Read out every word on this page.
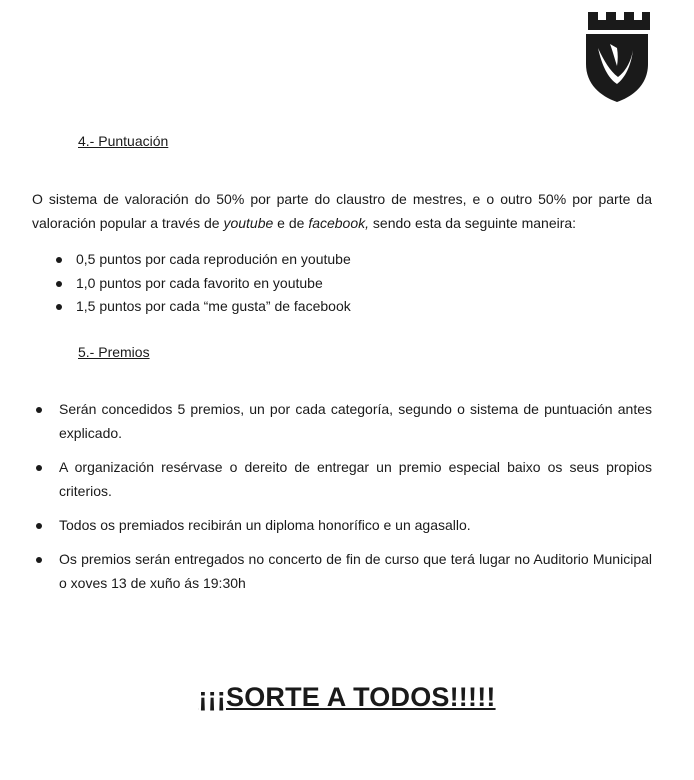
4.- Puntuación

O sistema de valoración do 50% por parte do claustro de mestres, e o outro 50% por parte da valoración popular a través de youtube e de facebook, sendo esta da seguinte maneira:

0,5 puntos por cada reprodución en youtube
1,0 puntos por cada favorito en youtube
1,5 puntos por cada “me gusta” de facebook
5.- Premios
Serán concedidos 5 premios, un por cada categoría, segundo o sistema de puntuación antes explicado.
A organización resérvase o dereito de entregar un premio especial baixo os seus propios criterios.
Todos os premiados recibirán un diploma honorífico e un agasallo.
Os premios serán entregados no concerto de fin de curso que terá lugar no Auditorio Municipal o xoves 13 de xuño ás 19:30h

¡¡¡SORTE A TODOS!!!!!
